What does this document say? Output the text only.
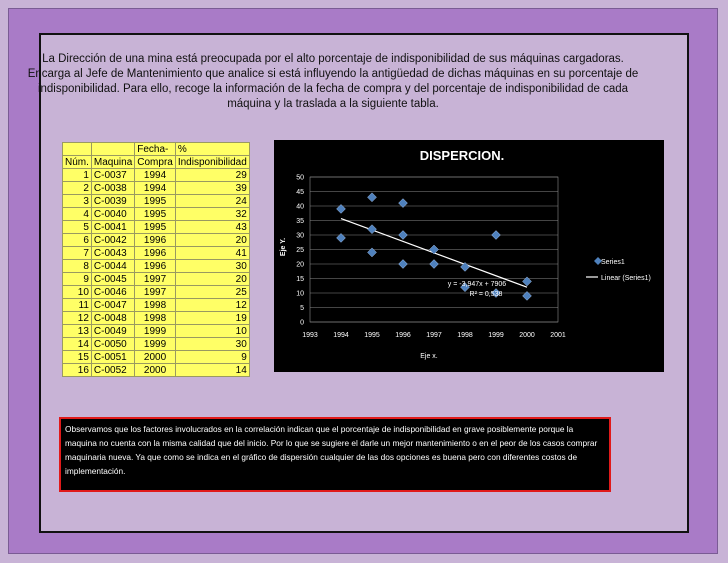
La Dirección de una mina está preocupada por el alto porcentaje de indisponibilidad de sus máquinas cargadoras.
Encarga al Jefe de Mantenimiento que analice si está influyendo la antigüedad de dichas máquinas en su porcentaje de
indisponibilidad. Para ello, recoge la información de la fecha de compra y del porcentaje de indisponibilidad de cada
máquina y la traslada a la siguiente tabla.
		Fecha-	%
Núm.	Maquina	Compra	Indisponibilidad
1	C-0037	1994	29
2	C-0038	1994	39
3	C-0039	1995	24
4	C-0040	1995	32
5	C-0041	1995	43
6	C-0042	1996	20
7	C-0043	1996	41
8	C-0044	1996	30
9	C-0045	1997	20
10	C-0046	1997	25
11	C-0047	1998	12
12	C-0048	1998	19
13	C-0049	1999	10
14	C-0050	1999	30
15	C-0051	2000	9
16	C-0052	2000	14
DISPERCION.
Eje x.
Eje Y.
0
5
10
15
20
25
30
35
40
45
50
1993 1994 1995 1996 1997 1998 1999 2000 2001
y = -3,947x + 7906
R² = 0,538
Series1
Linear (Series1)
Observamos que los factores involucrados en la correlación indican que el porcentaje de indisponibilidad en grave posiblemente porque la maquina no cuenta con la misma calidad que del inicio. Por lo que se sugiere el darle un mejor mantenimiento o en el peor de los casos comprar maquinaria nueva. Ya que como se indica en el gráfico de dispersión cualquier de las dos opciones es buena pero con diferentes costos de implementación.
